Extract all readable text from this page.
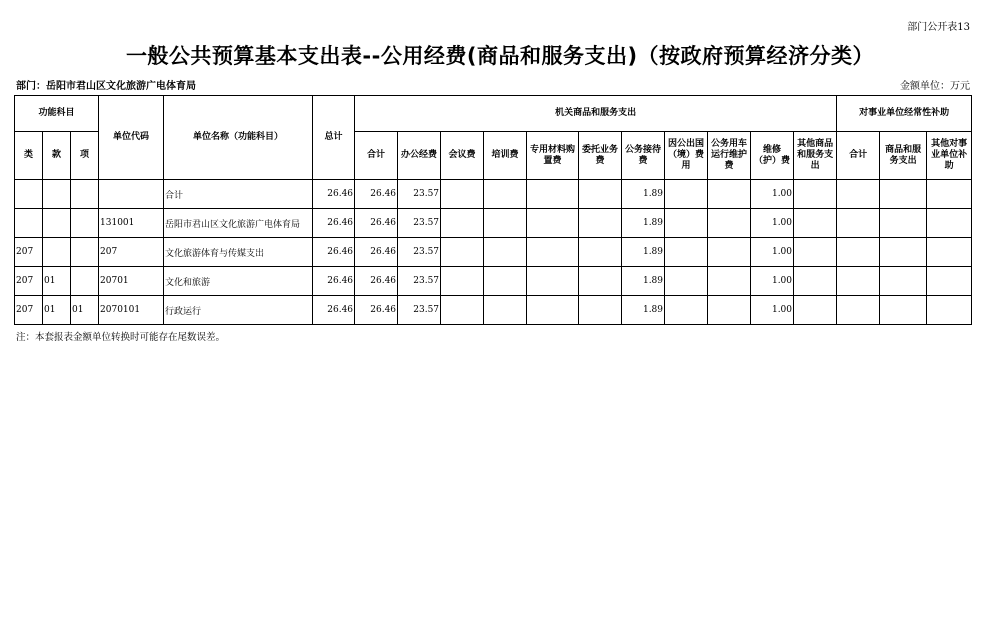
部门公开表13
一般公共预算基本支出表--公用经费(商品和服务支出)（按政府预算经济分类）
部门：岳阳市君山区文化旅游广电体育局	金额单位：万元
功能科目			单位代码	单位名称（功能科目）	总计	机关商品和服务支出											对事业单位经常性补助		
类	款	项				合计	办公经费	会议费	培训费	专用材料购置费	委托业务费	公务接待费	因公出国（境）费用	公务用车运行维护费	维修（护）费	其他商品和服务支出	合计	商品和服务支出	其他对事业单位补助
				合计	26.46	26.46	23.57					1.89			1.00				
			131001	岳阳市君山区文化旅游广电体育局	26.46	26.46	23.57					1.89			1.00				
207			207	文化旅游体育与传媒支出	26.46	26.46	23.57					1.89			1.00				
207	01		20701	文化和旅游	26.46	26.46	23.57					1.89			1.00				
207	01	01	2070101	行政运行	26.46	26.46	23.57					1.89			1.00				
注：本套报表金额单位转换时可能存在尾数误差。
